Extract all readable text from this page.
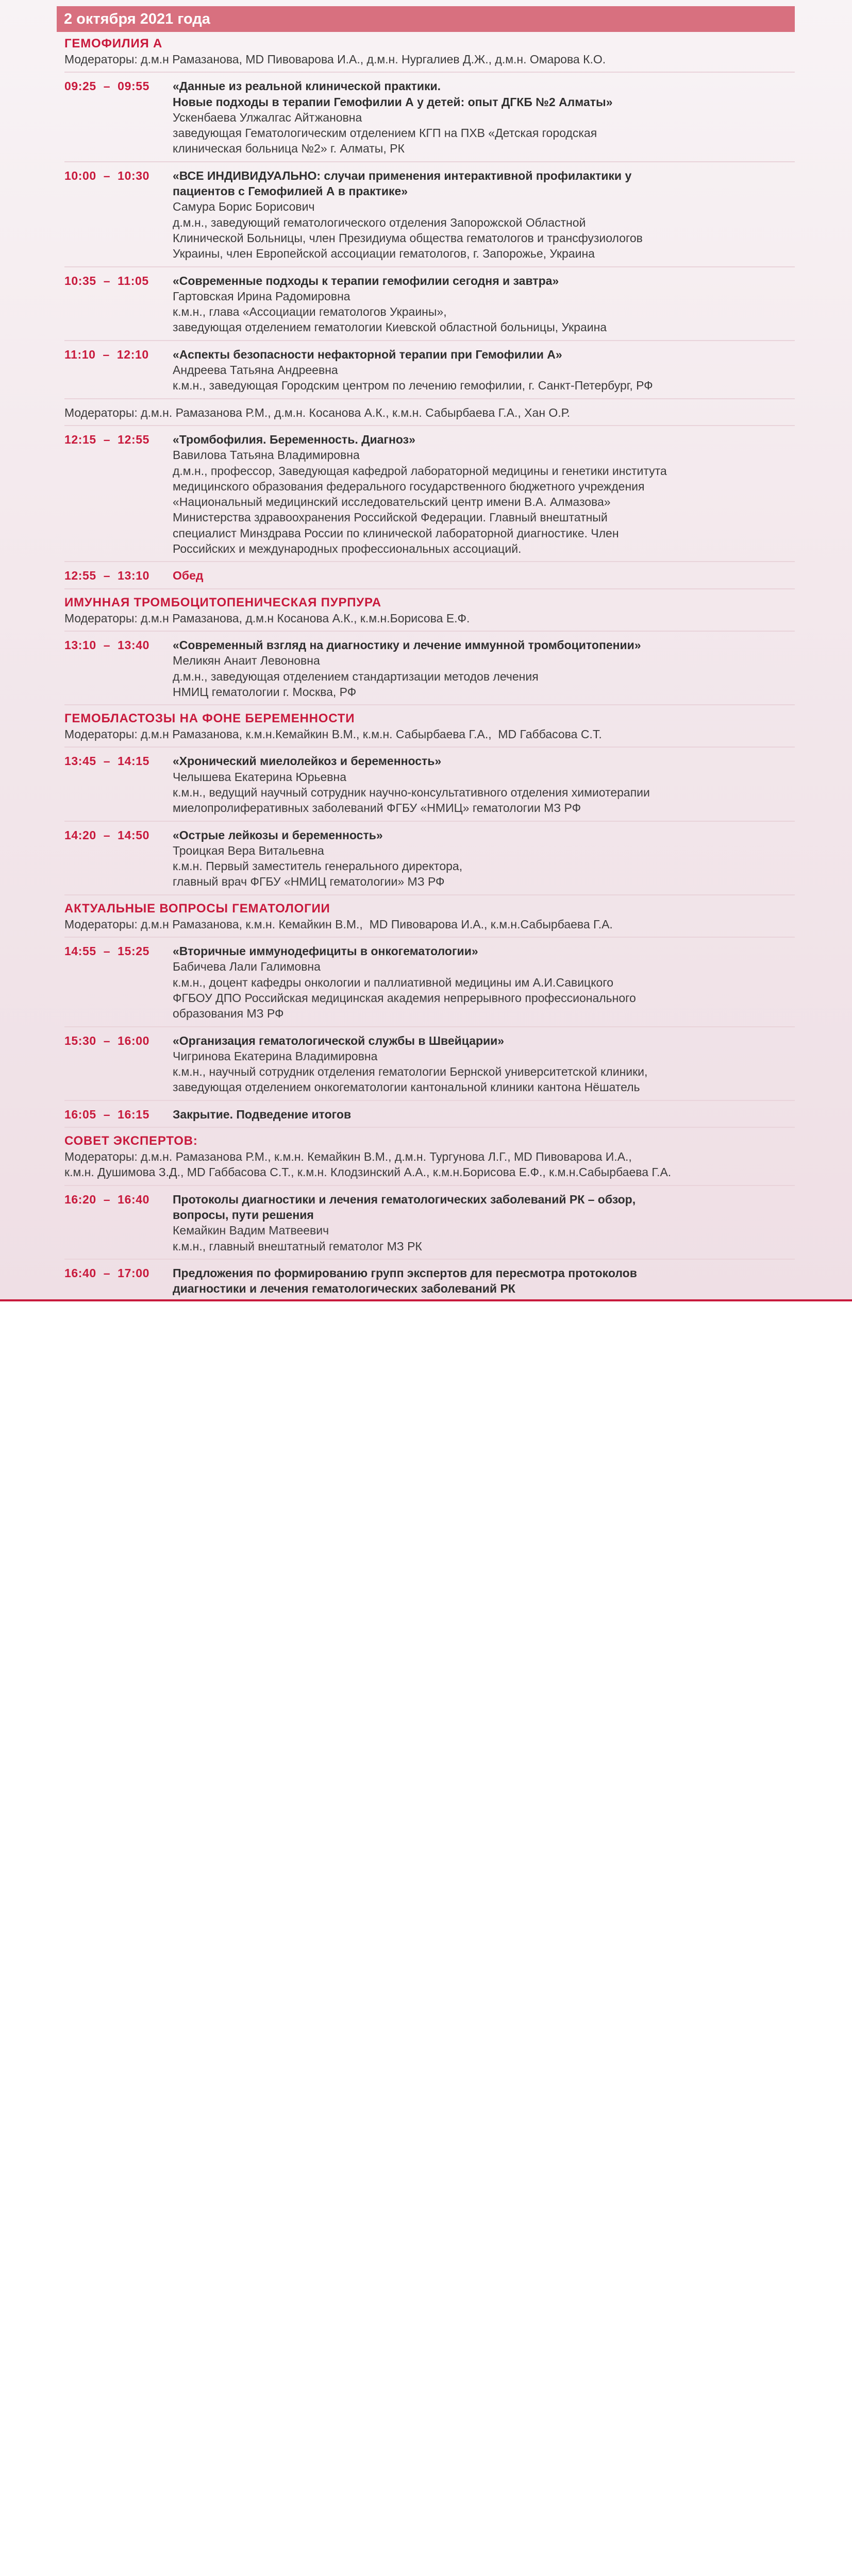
2 октября 2021 года
ГЕМОФИЛИЯ А
Модераторы: д.м.н Рамазанова, MD Пивоварова И.А., д.м.н. Нургалиев Д.Ж., д.м.н. Омарова К.О.
09:25  –  09:55	«Данные из реальной клинической практики.
Новые подходы в терапии Гемофилии А у детей: опыт ДГКБ №2 Алматы»
Ускенбаева Улжалгас Айтжановна
заведующая Гематологическим отделением КГП на ПХВ «Детская городская
клиническая больница №2» г. Алматы, РК
10:00  –  10:30	«ВСЕ ИНДИВИДУАЛЬНО: случаи применения интерактивной профилактики у
пациентов с Гемофилией А в практике»
Самура Борис Борисович
д.м.н., заведующий гематологического отделения Запорожской Областной
Клинической Больницы, член Президиума общества гематологов и трансфузиологов
Украины, член Европейской ассоциации гематологов, г. Запорожье, Украина
10:35  –  11:05	«Современные подходы к терапии гемофилии сегодня и завтра»
Гартовская Ирина Радомировна
к.м.н., глава «Ассоциации гематологов Украины»,
заведующая отделением гематологии Киевской областной больницы, Украина
11:10  –  12:10	«Аспекты безопасности нефакторной терапии при Гемофилии А»
Андреева Татьяна Андреевна
к.м.н., заведующая Городским центром по лечению гемофилии, г. Санкт-Петербург, РФ
Модераторы: д.м.н. Рамазанова Р.М., д.м.н. Косанова А.К., к.м.н. Сабырбаева Г.А., Хан О.Р.
12:15  –  12:55	«Тромбофилия. Беременность. Диагноз»
Вавилова Татьяна Владимировна
д.м.н., профессор, Заведующая кафедрой лабораторной медицины и генетики института
медицинского образования федерального государственного бюджетного учреждения
«Национальный медицинский исследовательский центр имени В.А. Алмазова»
Министерства здравоохранения Российской Федерации. Главный внештатный
специалист Минздрава России по клинической лабораторной диагностике. Член
Российских и международных профессиональных ассоциаций.
12:55  –  13:10	Обед
ИМУННАЯ ТРОМБОЦИТОПЕНИЧЕСКАЯ ПУРПУРА
Модераторы: д.м.н Рамазанова, д.м.н Косанова А.К., к.м.н.Борисова Е.Ф.
13:10  –  13:40	«Современный взгляд на диагностику и лечение иммунной тромбоцитопении»
Меликян Анаит Левоновна
д.м.н., заведующая отделением стандартизации методов лечения
НМИЦ гематологии г. Москва, РФ
ГЕМОБЛАСТОЗЫ НА ФОНЕ БЕРЕМЕННОСТИ
Модераторы: д.м.н Рамазанова, к.м.н.Кемайкин В.М., к.м.н. Сабырбаева Г.А.,  MD Габбасова С.Т.
13:45  –  14:15	«Хронический миелолейкоз и беременность»
Челышева Екатерина Юрьевна
к.м.н., ведущий научный сотрудник научно-консультативного отделения химиотерапии
миелопролиферативных заболеваний ФГБУ «НМИЦ» гематологии МЗ РФ
14:20  –  14:50	«Острые лейкозы и беременность»
Троицкая Вера Витальевна
к.м.н. Первый заместитель генерального директора,
главный врач ФГБУ «НМИЦ гематологии» МЗ РФ
АКТУАЛЬНЫЕ ВОПРОСЫ ГЕМАТОЛОГИИ
Модераторы: д.м.н Рамазанова, к.м.н. Кемайкин В.М.,  MD Пивоварова И.А., к.м.н.Сабырбаева Г.А.
14:55  –  15:25	«Вторичные иммунодефициты в онкогематологии»
Бабичева Лали Галимовна
к.м.н., доцент кафедры онкологии и паллиативной медицины им А.И.Савицкого
ФГБОУ ДПО Российская медицинская академия непрерывного профессионального
образования МЗ РФ
15:30  –  16:00	«Организация гематологической службы в Швейцарии»
Чигринова Екатерина Владимировна
к.м.н., научный сотрудник отделения гематологии Бернской университетской клиники,
заведующая отделением онкогематологии кантональной клиники кантона Нёшатель
16:05  –  16:15	Закрытие. Подведение итогов
СОВЕТ ЭКСПЕРТОВ:
Модераторы: д.м.н. Рамазанова Р.М., к.м.н. Кемайкин В.М., д.м.н. Тургунова Л.Г., MD Пивоварова И.А.,
к.м.н. Душимова З.Д., MD Габбасова С.Т., к.м.н. Клодзинский А.А., к.м.н.Борисова Е.Ф., к.м.н.Сабырбаева Г.А.
16:20  –  16:40	Протоколы диагностики и лечения гематологических заболеваний РК – обзор,
вопросы, пути решения
Кемайкин Вадим Матвеевич
к.м.н., главный внештатный гематолог МЗ РК
16:40  –  17:00	Предложения по формированию групп экспертов для пересмотра протоколов
диагностики и лечения гематологических заболеваний РК
